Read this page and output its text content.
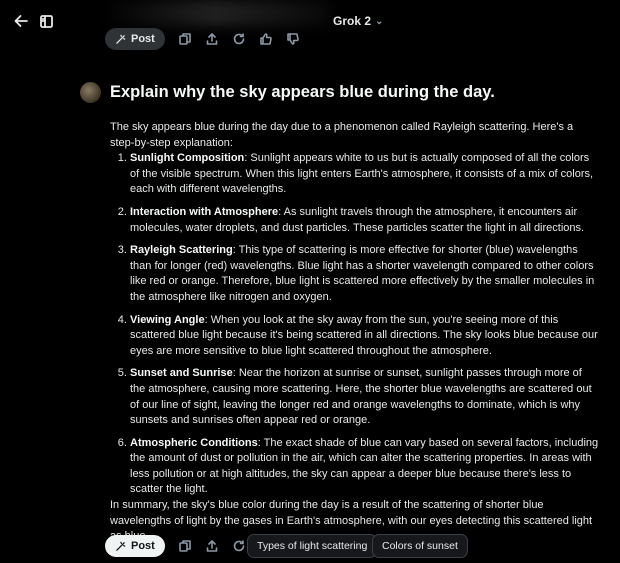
Grok 2 ⌄
Post
Explain why the sky appears blue during the day.

The sky appears blue during the day due to a phenomenon called Rayleigh scattering. Here's a step-by-step explanation:

1. Sunlight Composition: Sunlight appears white to us but is actually composed of all the colors of the visible spectrum. When this light enters Earth's atmosphere, it consists of a mix of colors, each with different wavelengths.
2. Interaction with Atmosphere: As sunlight travels through the atmosphere, it encounters air molecules, water droplets, and dust particles. These particles scatter the light in all directions.
3. Rayleigh Scattering: This type of scattering is more effective for shorter (blue) wavelengths than for longer (red) wavelengths. Blue light has a shorter wavelength compared to other colors like red or orange. Therefore, blue light is scattered more effectively by the smaller molecules in the atmosphere like nitrogen and oxygen.
4. Viewing Angle: When you look at the sky away from the sun, you're seeing more of this scattered blue light because it's being scattered in all directions. The sky looks blue because our eyes are more sensitive to blue light scattered throughout the atmosphere.
5. Sunset and Sunrise: Near the horizon at sunrise or sunset, sunlight passes through more of the atmosphere, causing more scattering. Here, the shorter blue wavelengths are scattered out of our line of sight, leaving the longer red and orange wavelengths to dominate, which is why sunsets and sunrises often appear red or orange.
6. Atmospheric Conditions: The exact shade of blue can vary based on several factors, including the amount of dust or pollution in the air, which can alter the scattering properties. In areas with less pollution or at high altitudes, the sky can appear a deeper blue because there's less to scatter the light.

In summary, the sky's blue color during the day is a result of the scattering of shorter blue wavelengths of light by the gases in Earth's atmosphere, with our eyes detecting this scattered light

Post	Types of light scattering Colors of sunset
